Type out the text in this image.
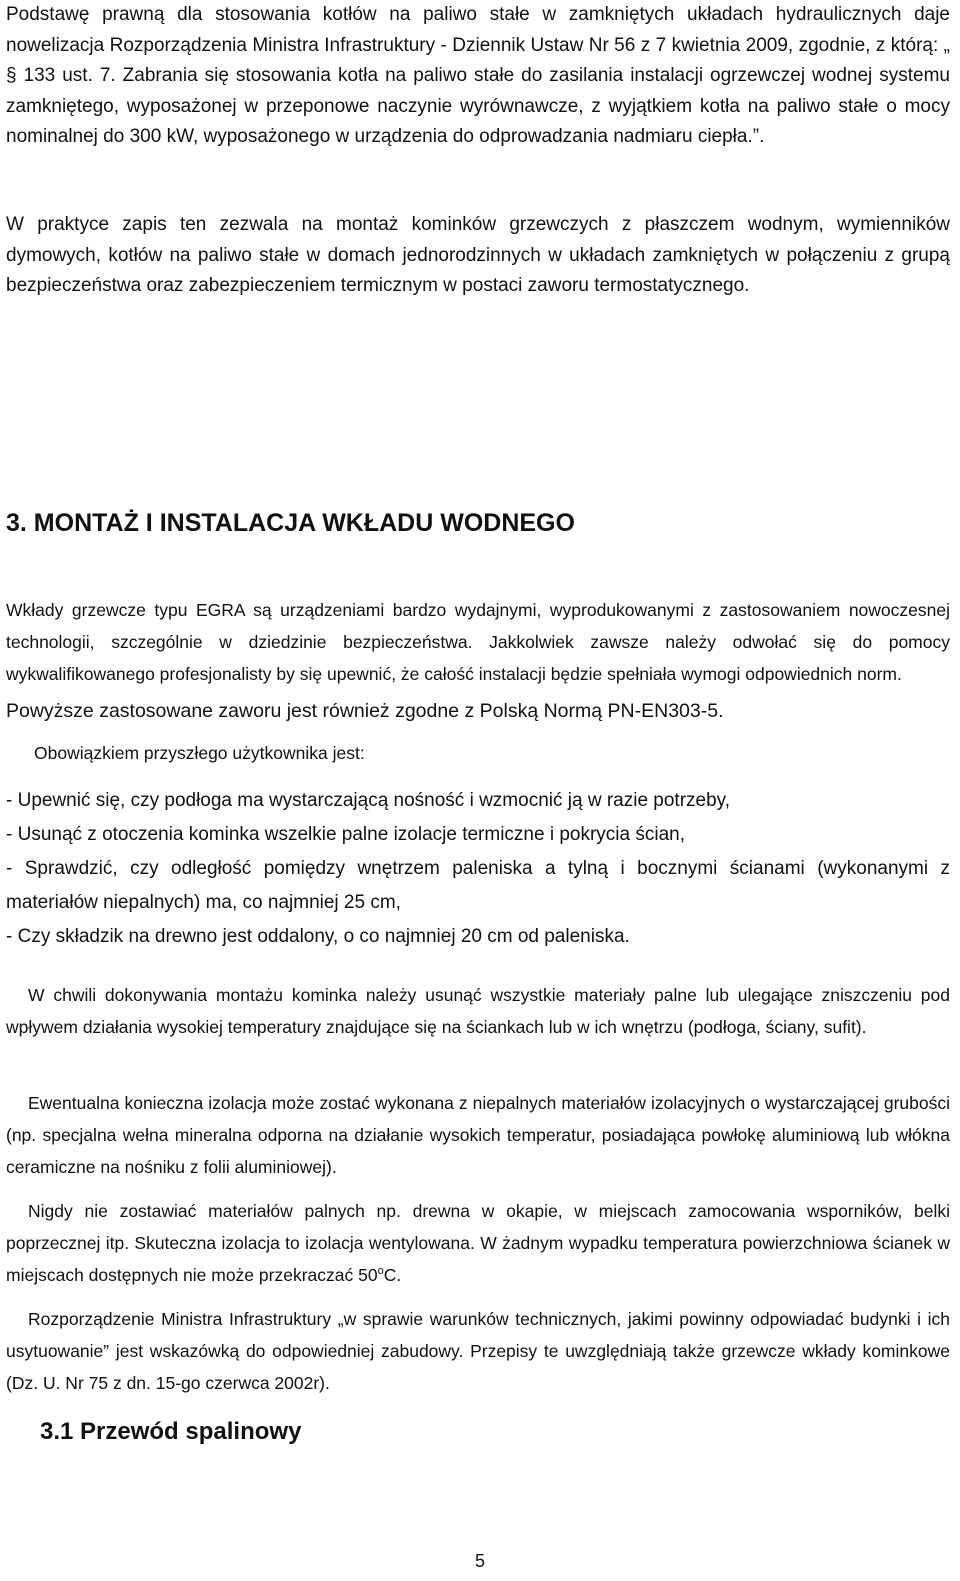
Podstawę prawną dla stosowania kotłów na paliwo stałe w zamkniętych układach hydraulicznych daje nowelizacja Rozporządzenia Ministra Infrastruktury - Dziennik Ustaw Nr 56 z 7 kwietnia 2009, zgodnie, z którą: „ § 133 ust. 7. Zabrania się stosowania kotła na paliwo stałe do zasilania instalacji ogrzewczej wodnej systemu zamkniętego, wyposażonej w przeponowe naczynie wyrównawcze, z wyjątkiem kotła na paliwo stałe o mocy nominalnej do 300 kW, wyposażonego w urządzenia do odprowadzania nadmiaru ciepła.”.

W praktyce zapis ten zezwala na montaż kominków grzewczych z płaszczem wodnym, wymienników dymowych, kotłów na paliwo stałe w domach jednorodzinnych w układach zamkniętych w połączeniu z grupą bezpieczeństwa oraz zabezpieczeniem termicznym w postaci zaworu termostatycznego.

Powyższe zastosowane zaworu jest również zgodne z Polską Normą PN-EN303-5.

3. MONTAŻ I INSTALACJA WKŁADU WODNEGO

Wkłady grzewcze typu EGRA są urządzeniami bardzo wydajnymi, wyprodukowanymi z zastosowaniem nowoczesnej technologii, szczególnie w dziedzinie bezpieczeństwa. Jakkolwiek zawsze należy odwołać się do pomocy wykwalifikowanego profesjonalisty by się upewnić, że całość instalacji będzie spełniała wymogi odpowiednich norm.

Obowiązkiem przyszłego użytkownika jest:

- Upewnić się, czy podłoga ma wystarczającą nośność i wzmocnić ją w razie potrzeby,
- Usunąć z otoczenia kominka wszelkie palne izolacje termiczne i pokrycia ścian,
- Sprawdzić, czy odległość pomiędzy wnętrzem paleniska a tylną i bocznymi ścianami (wykonanymi z materiałów niepalnych) ma, co najmniej 25 cm,
- Czy składzik na drewno jest oddalony, o co najmniej 20 cm od paleniska.

W chwili dokonywania montażu kominka należy usunąć wszystkie materiały palne lub ulegające zniszczeniu pod wpływem działania wysokiej temperatury znajdujące się na ściankach lub w ich wnętrzu (podłoga, ściany, sufit).

Ewentualna konieczna izolacja może zostać wykonana z niepalnych materiałów izolacyjnych o wystarczającej grubości (np. specjalna wełna mineralna odporna na działanie wysokich temperatur, posiadająca powłokę aluminiową lub włókna ceramiczne na nośniku z folii aluminiowej).

Nigdy nie zostawiać materiałów palnych np. drewna w okapie, w miejscach zamocowania wsporników, belki poprzecznej itp. Skuteczna izolacja to izolacja wentylowana. W żadnym wypadku temperatura powierzchniowa ścianek w miejscach dostępnych nie może przekraczać 50$^o$C.

Rozporządzenie Ministra Infrastruktury „w sprawie warunków technicznych, jakimi powinny odpowiadać budynki i ich usytuowanie” jest wskazówką do odpowiedniej zabudowy. Przepisy te uwzględniają także grzewcze wkłady kominkowe (Dz. U. Nr 75 z dn. 15-go czerwca 2002r).

3.1 Przewód spalinowy

5
